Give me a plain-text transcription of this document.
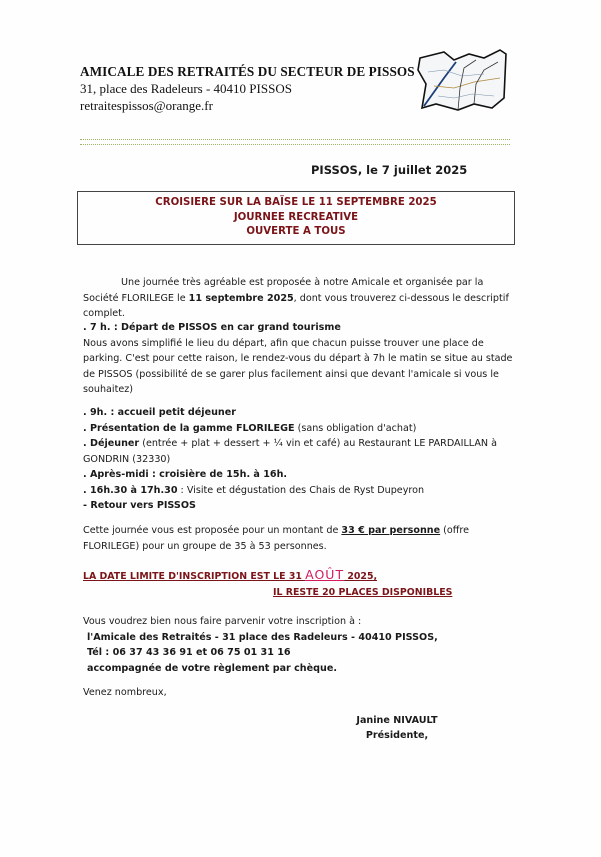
AMICALE DES RETRAITÉS DU SECTEUR DE PISSOS
31, place des Radeleurs - 40410 PISSOS
retraitespissos@orange.fr
PISSOS, le 7 juillet 2025
CROISIERE SUR LA BAÏSE LE 11 SEPTEMBRE 2025
JOURNEE RECREATIVE
OUVERTE A TOUS
Une journée très agréable est proposée à notre Amicale et organisée par la Société FLORILEGE le 11 septembre 2025, dont vous trouverez ci-dessous le descriptif complet.
. 7 h. : Départ de PISSOS en car grand tourisme
Nous avons simplifié le lieu du départ, afin que chacun puisse trouver une place de parking. C'est pour cette raison, le rendez-vous du départ à 7h le matin se situe au stade de PISSOS (possibilité de se garer plus facilement ainsi que devant l'amicale si vous le souhaitez)
. 9h. : accueil petit déjeuner
. Présentation de la gamme FLORILEGE (sans obligation d'achat)
. Déjeuner (entrée + plat + dessert + ¼ vin et café) au Restaurant LE PARDAILLAN à GONDRIN (32330)
. Après-midi : croisière de 15h. à 16h.
. 16h.30 à 17h.30 : Visite et dégustation des Chais de Ryst Dupeyron
- Retour vers PISSOS
Cette journée vous est proposée pour un montant de 33 € par personne (offre FLORILEGE) pour un groupe de 35 à 53 personnes.
LA DATE LIMITE D'INSCRIPTION EST LE 31 AOÛT 2025,
IL RESTE 20 PLACES DISPONIBLES
Vous voudrez bien nous faire parvenir votre inscription à :
l'Amicale des Retraités - 31 place des Radeleurs - 40410 PISSOS,
Tél : 06 37 43 36 91 et 06 75 01 31 16
accompagnée de votre règlement par chèque.
Venez nombreux,
Janine NIVAULT
Présidente,
